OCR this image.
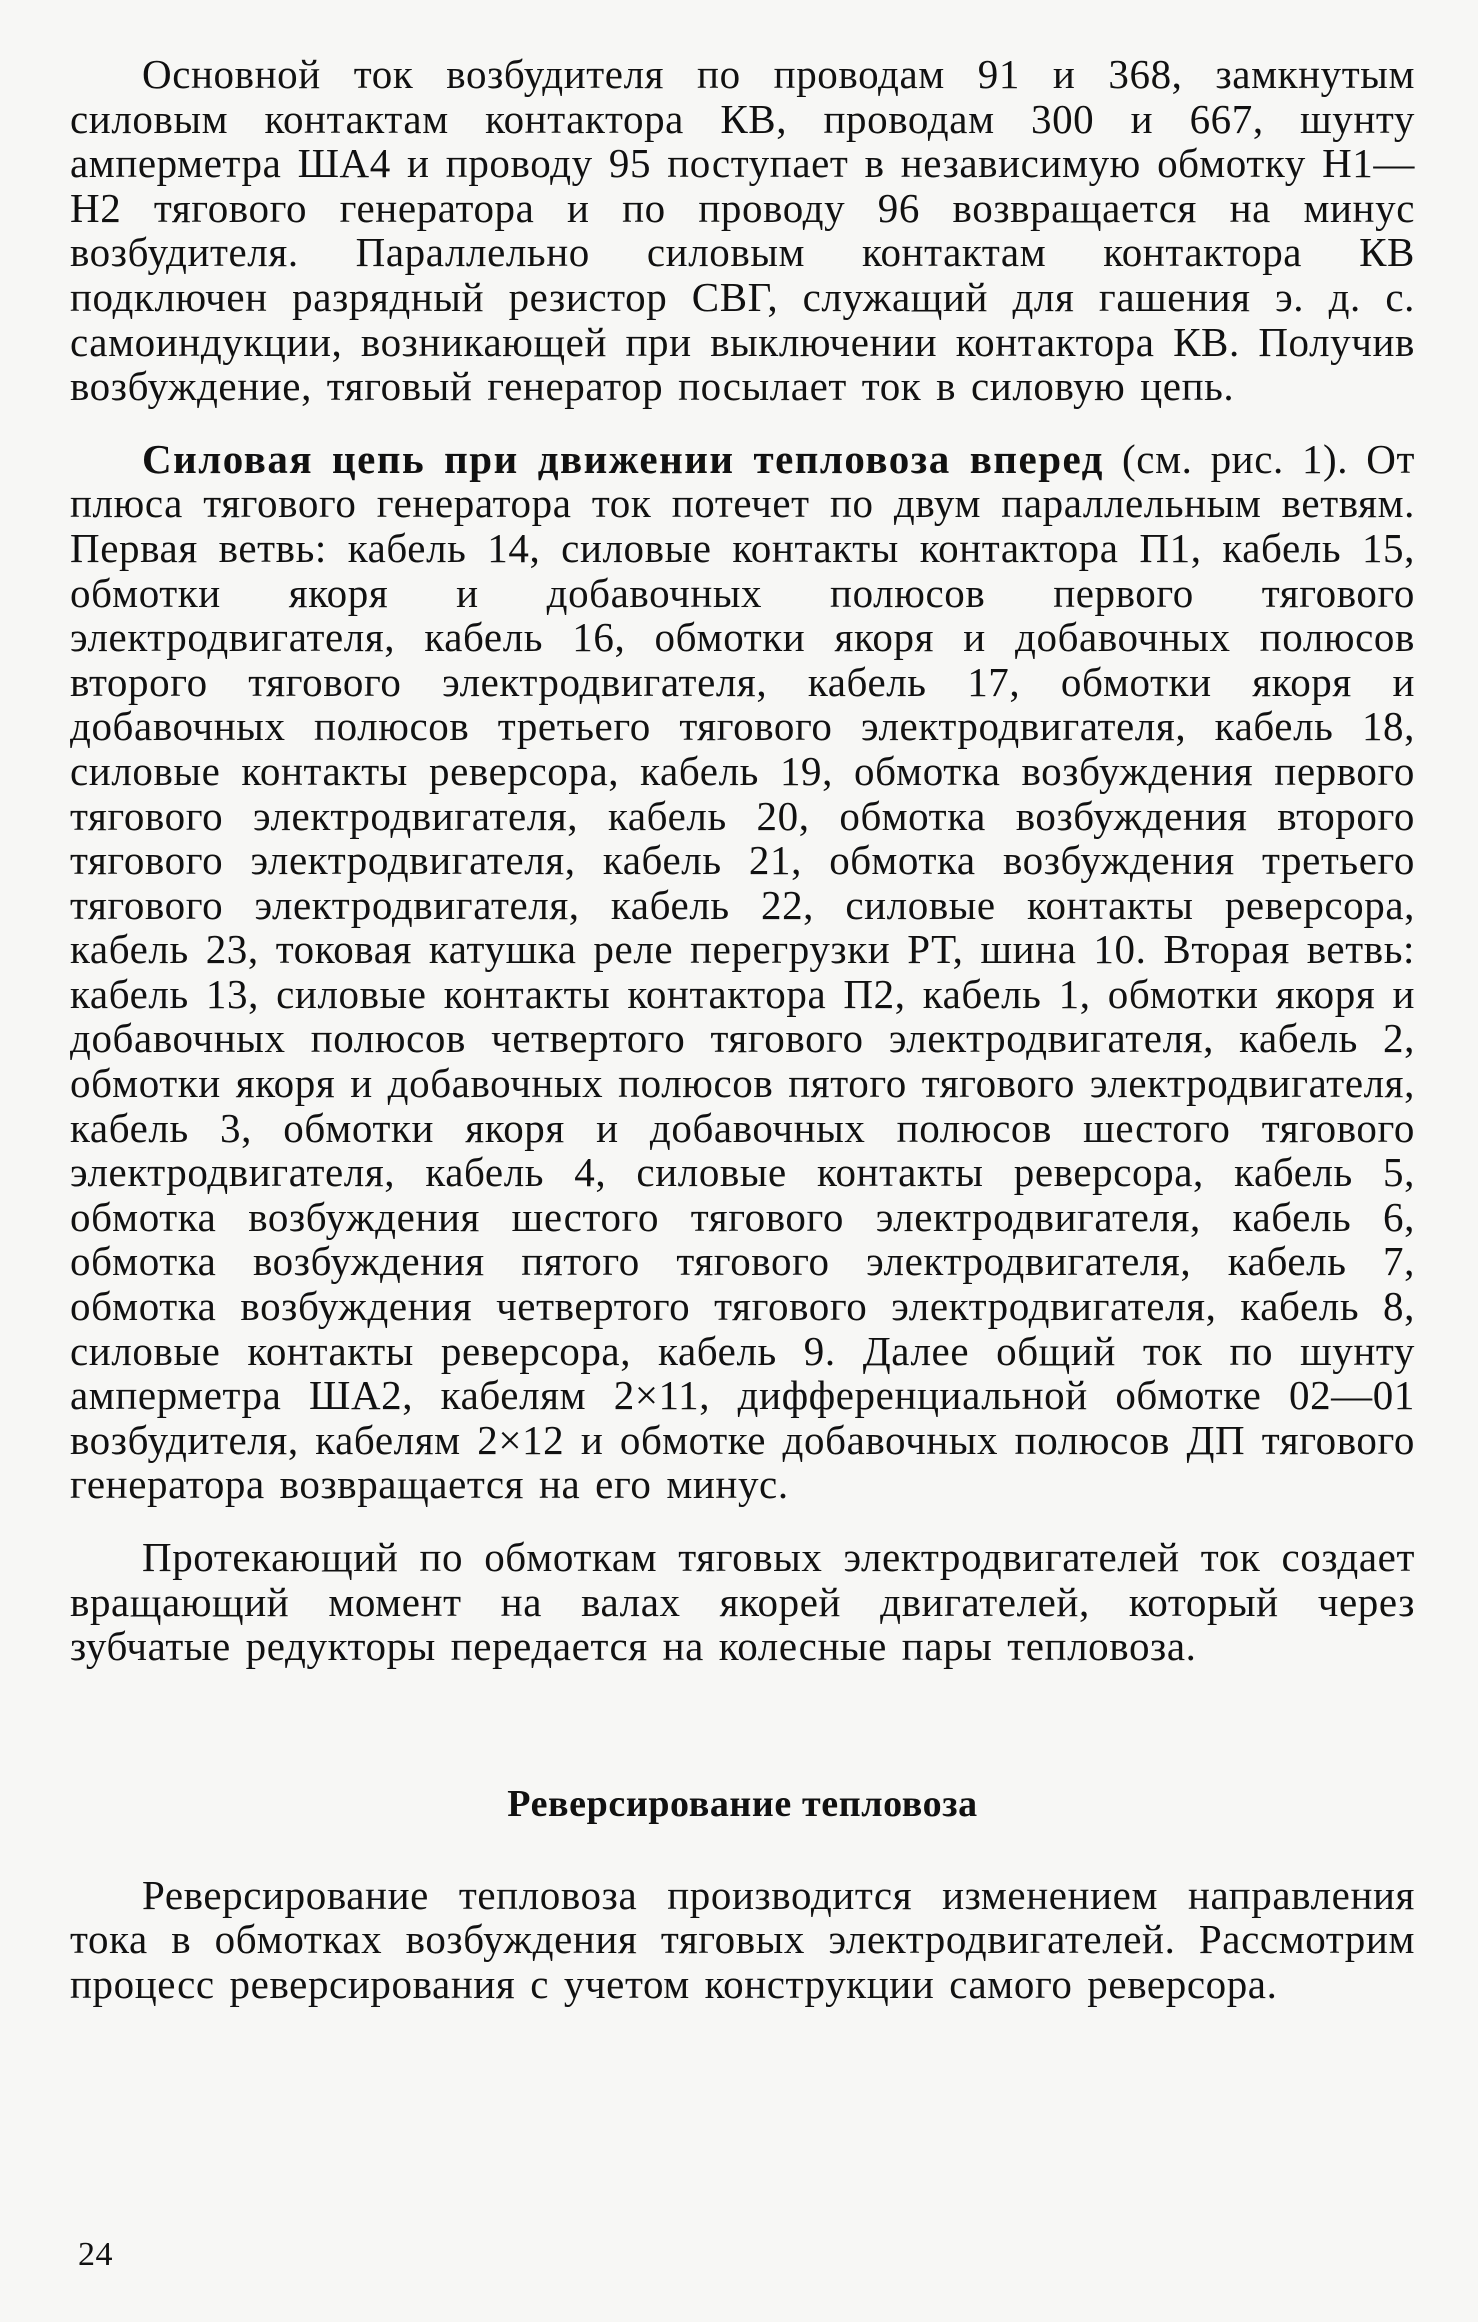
Основной ток возбудителя по проводам 91 и 368, замкнутым силовым контактам контактора КВ, проводам 300 и 667, шунту амперметра ША4 и проводу 95 поступает в независимую обмотку Н1—Н2 тягового генератора и по проводу 96 возвращается на минус возбудителя. Параллельно силовым контактам контактора КВ подключен разрядный резистор СВГ, служащий для гашения э. д. с. самоиндукции, возникающей при выключении контактора КВ. Получив возбуждение, тяговый генератор посылает ток в силовую цепь.

Силовая цепь при движении тепловоза вперед (см. рис. 1). От плюса тягового генератора ток потечет по двум параллельным ветвям. Первая ветвь: кабель 14, силовые контакты контактора П1, кабель 15, обмотки якоря и добавочных полюсов первого тягового электродвигателя, кабель 16, обмотки якоря и добавочных полюсов второго тягового электродвигателя, кабель 17, обмотки якоря и добавочных полюсов третьего тягового электродвигателя, кабель 18, силовые контакты реверсора, кабель 19, обмотка возбуждения первого тягового электродвигателя, кабель 20, обмотка возбуждения второго тягового электродвигателя, кабель 21, обмотка возбуждения третьего тягового электродвигателя, кабель 22, силовые контакты реверсора, кабель 23, токовая катушка реле перегрузки РТ, шина 10. Вторая ветвь: кабель 13, силовые контакты контактора П2, кабель 1, обмотки якоря и добавочных полюсов четвертого тягового электродвигателя, кабель 2, обмотки якоря и добавочных полюсов пятого тягового электродвигателя, кабель 3, обмотки якоря и добавочных полюсов шестого тягового электродвигателя, кабель 4, силовые контакты реверсора, кабель 5, обмотка возбуждения шестого тягового электродвигателя, кабель 6, обмотка возбуждения пятого тягового электродвигателя, кабель 7, обмотка возбуждения четвертого тягового электродвигателя, кабель 8, силовые контакты реверсора, кабель 9. Далее общий ток по шунту амперметра ША2, кабелям 2×11, дифференциальной обмотке 02—01 возбудителя, кабелям 2×12 и обмотке добавочных полюсов ДП тягового генератора возвращается на его минус.

Протекающий по обмоткам тяговых электродвигателей ток создает вращающий момент на валах якорей двигателей, который через зубчатые редукторы передается на колесные пары тепловоза.

Реверсирование тепловоза

Реверсирование тепловоза производится изменением направления тока в обмотках возбуждения тяговых электродвигателей. Рассмотрим процесс реверсирования с учетом конструкции самого реверсора.

24
